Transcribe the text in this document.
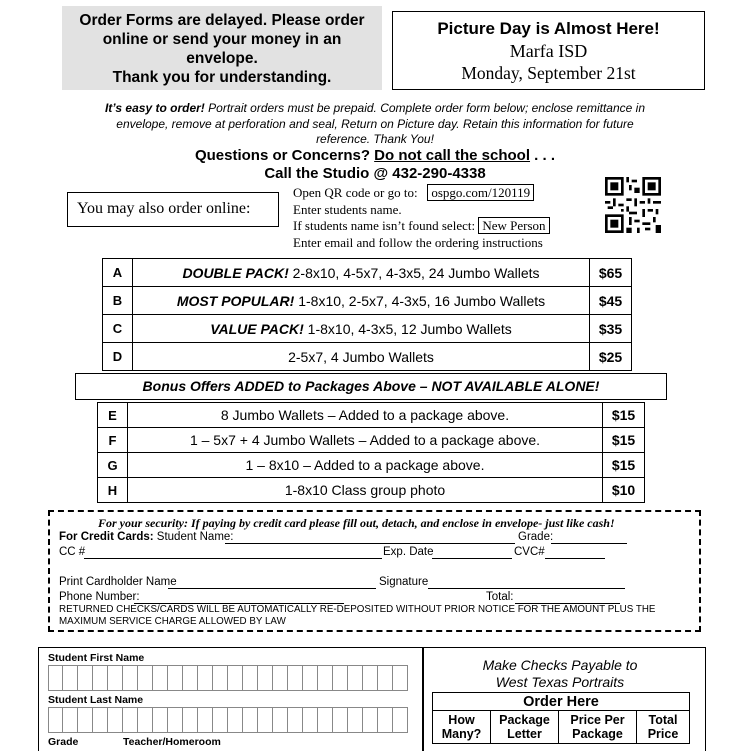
Order Forms are delayed. Please order
online or send your money in an
envelope.
Thank you for understanding.
Picture Day is Almost Here!
Marfa ISD
Monday, September 21st
It’s easy to order! Portrait orders must be prepaid. Complete order form below; enclose remittance in envelope, remove at perforation and seal, Return on Picture day. Retain this information for future reference. Thank You!
Questions or Concerns? Do not call the school . . .
Call the Studio @ 432-290-4338
You may also order online:
Open QR code or go to: ospgo.com/120119
Enter students name.
If students name isn’t found select: New Person
Enter email and follow the ordering instructions
A	DOUBLE PACK! 2-8x10, 4-5x7, 4-3x5, 24 Jumbo Wallets	$65
B	MOST POPULAR! 1-8x10, 2-5x7, 4-3x5, 16 Jumbo Wallets	$45
C	VALUE PACK! 1-8x10, 4-3x5, 12 Jumbo Wallets	$35
D	2-5x7, 4 Jumbo Wallets	$25
Bonus Offers ADDED to Packages Above – NOT AVAILABLE ALONE!
E	8 Jumbo Wallets – Added to a package above.	$15
F	1 – 5x7 + 4 Jumbo Wallets – Added to a package above.	$15
G	1 – 8x10 – Added to a package above.	$15
H	1-8x10 Class group photo	$10
For your security: If paying by credit card please fill out, detach, and enclose in envelope- just like cash!
For Credit Cards: Student Name:	Grade:
CC #	Exp. Date	CVC#
Print Cardholder Name	Signature
Phone Number:	Total:
RETURNED CHECKS/CARDS WILL BE AUTOMATICALLY RE-DEPOSITED WITHOUT PRIOR NOTICE FOR THE AMOUNT PLUS THE MAXIMUM SERVICE CHARGE ALLOWED BY LAW
Student First Name
Student Last Name
Grade	Teacher/Homeroom
Make Checks Payable to
West Texas Portraits
Order Here
How Many?	Package Letter	Price Per Package	Total Price
